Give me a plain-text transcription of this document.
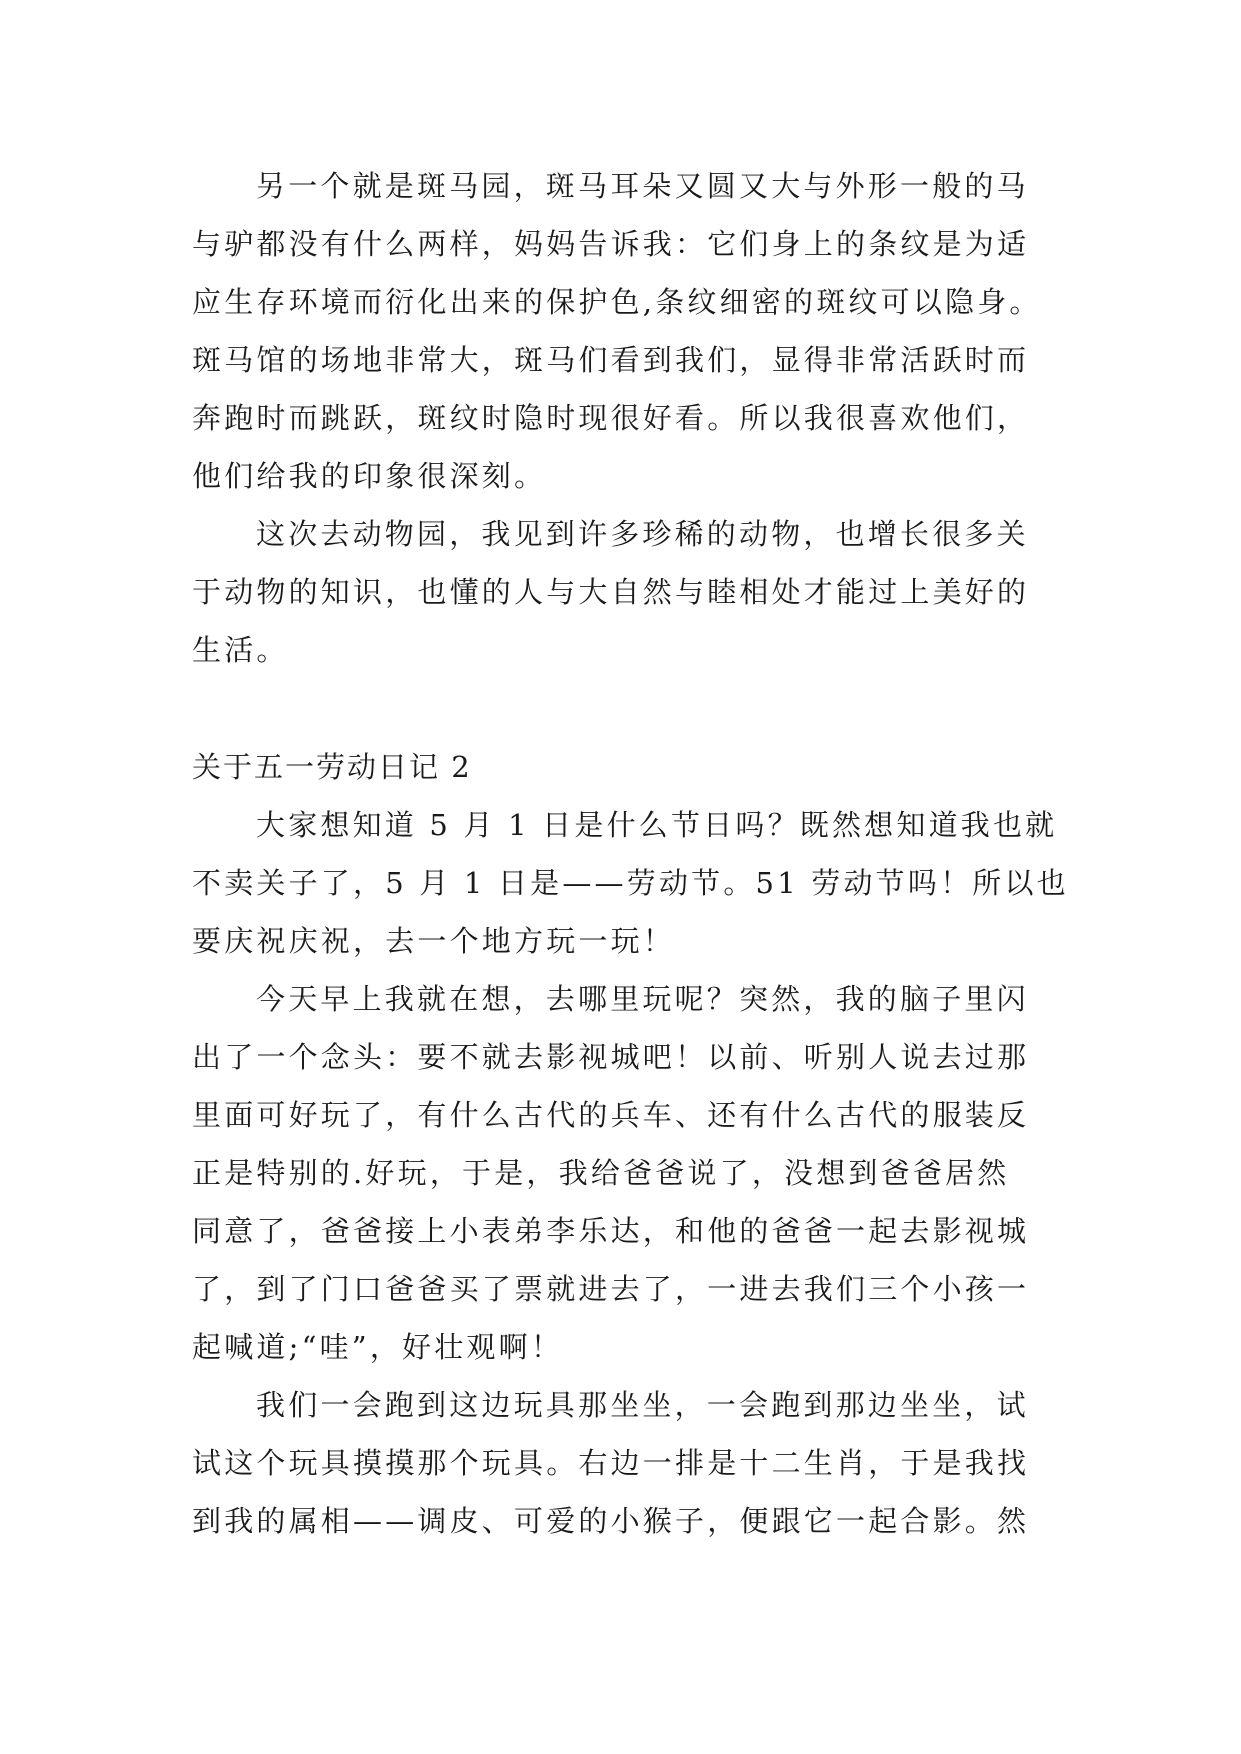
另一个就是斑马园，斑马耳朵又圆又大与外形一般的马
与驴都没有什么两样，妈妈告诉我：它们身上的条纹是为适
应生存环境而衍化出来的保护色,条纹细密的斑纹可以隐身。
斑马馆的场地非常大，斑马们看到我们，显得非常活跃时而
奔跑时而跳跃，斑纹时隐时现很好看。所以我很喜欢他们，
他们给我的印象很深刻。
这次去动物园，我见到许多珍稀的动物，也增长很多关
于动物的知识，也懂的人与大自然与睦相处才能过上美好的
生活。
关于五一劳动日记 2
大家想知道 5 月 1 日是什么节日吗？既然想知道我也就
不卖关子了，5 月 1 日是——劳动节。51 劳动节吗！所以也
要庆祝庆祝，去一个地方玩一玩！
今天早上我就在想，去哪里玩呢？突然，我的脑子里闪
出了一个念头：要不就去影视城吧！以前、听别人说去过那
里面可好玩了，有什么古代的兵车、还有什么古代的服装反
正是特别的.好玩，于是，我给爸爸说了，没想到爸爸居然
同意了，爸爸接上小表弟李乐达，和他的爸爸一起去影视城
了，到了门口爸爸买了票就进去了，一进去我们三个小孩一
起喊道;“哇”，好壮观啊！
我们一会跑到这边玩具那坐坐，一会跑到那边坐坐，试
试这个玩具摸摸那个玩具。右边一排是十二生肖，于是我找
到我的属相——调皮、可爱的小猴子，便跟它一起合影。然
